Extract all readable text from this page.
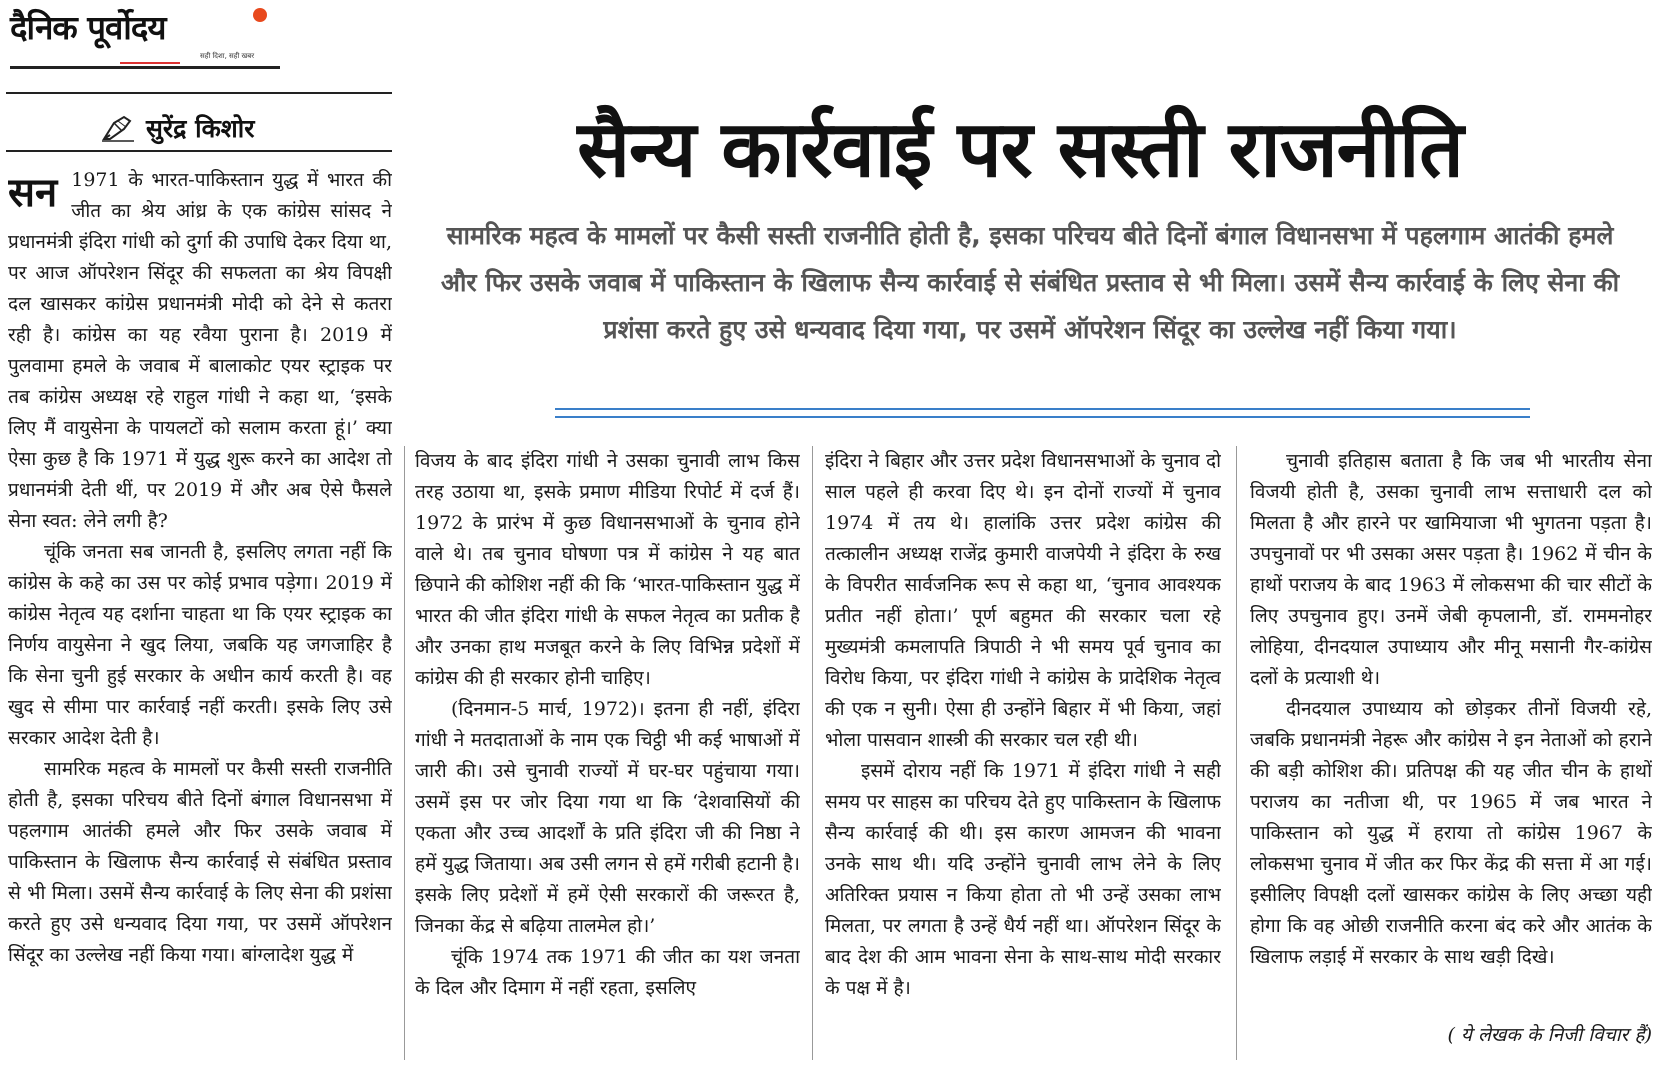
दैनिक पूर्वोदय
सही दिशा, सही खबर
सुरेंद्र किशोर	सैन्य कार्रवाई पर सस्ती राजनीति
सामरिक महत्व के मामलों पर कैसी सस्ती राजनीति होती है, इसका परिचय बीते दिनों बंगाल विधानसभा में पहलगाम आतंकी हमले और फिर उसके जवाब में पाकिस्तान के खिलाफ सैन्य कार्रवाई से संबंधित प्रस्ताव से भी मिला। उसमें सैन्य कार्रवाई के लिए सेना की प्रशंसा करते हुए उसे धन्यवाद दिया गया, पर उसमें ऑपरेशन सिंदूर का उल्लेख नहीं किया गया।
सन 1971 के भारत-पाकिस्तान युद्ध में भारत की जीत का श्रेय आंध्र के एक कांग्रेस सांसद ने प्रधानमंत्री इंदिरा गांधी को दुर्गा की उपाधि देकर दिया था, पर आज ऑपरेशन सिंदूर की सफलता का श्रेय विपक्षी दल खासकर कांग्रेस प्रधानमंत्री मोदी को देने से कतरा रही है। कांग्रेस का यह रवैया पुराना है। 2019 में पुलवामा हमले के जवाब में बालाकोट एयर स्ट्राइक पर तब कांग्रेस अध्यक्ष रहे राहुल गांधी ने कहा था, ‘इसके लिए मैं वायुसेना के पायलटों को सलाम करता हूं।’ क्या ऐसा कुछ है कि 1971 में युद्ध शुरू करने का आदेश तो प्रधानमंत्री देती थीं, पर 2019 में और अब ऐसे फैसले सेना स्वत: लेने लगी है?

चूंकि जनता सब जानती है, इसलिए लगता नहीं कि कांग्रेस के कहे का उस पर कोई प्रभाव पड़ेगा। 2019 में कांग्रेस नेतृत्व यह दर्शाना चाहता था कि एयर स्ट्राइक का निर्णय वायुसेना ने खुद लिया, जबकि यह जगजाहिर है कि सेना चुनी हुई सरकार के अधीन कार्य करती है। वह खुद से सीमा पार कार्रवाई नहीं करती। इसके लिए उसे सरकार आदेश देती है।

सामरिक महत्व के मामलों पर कैसी सस्ती राजनीति होती है, इसका परिचय बीते दिनों बंगाल विधानसभा में पहलगाम आतंकी हमले और फिर उसके जवाब में पाकिस्तान के खिलाफ सैन्य कार्रवाई से संबंधित प्रस्ताव से भी मिला। उसमें सैन्य कार्रवाई के लिए सेना की प्रशंसा करते हुए उसे धन्यवाद दिया गया, पर उसमें ऑपरेशन सिंदूर का उल्लेख नहीं किया गया। बांग्लादेश युद्ध में

विजय के बाद इंदिरा गांधी ने उसका चुनावी लाभ किस तरह उठाया था, इसके प्रमाण मीडिया रिपोर्ट में दर्ज हैं। 1972 के प्रारंभ में कुछ विधानसभाओं के चुनाव होने वाले थे। तब चुनाव घोषणा पत्र में कांग्रेस ने यह बात छिपाने की कोशिश नहीं की कि ‘भारत-पाकिस्तान युद्ध में भारत की जीत इंदिरा गांधी के सफल नेतृत्व का प्रतीक है और उनका हाथ मजबूत करने के लिए विभिन्न प्रदेशों में कांग्रेस की ही सरकार होनी चाहिए।

(दिनमान-5 मार्च, 1972)। इतना ही नहीं, इंदिरा गांधी ने मतदाताओं के नाम एक चिट्ठी भी कई भाषाओं में जारी की। उसे चुनावी राज्यों में घर-घर पहुंचाया गया। उसमें इस पर जोर दिया गया था कि ‘देशवासियों की एकता और उच्च आदर्शों के प्रति इंदिरा जी की निष्ठा ने हमें युद्ध जिताया। अब उसी लगन से हमें गरीबी हटानी है। इसके लिए प्रदेशों में हमें ऐसी सरकारों की जरूरत है, जिनका केंद्र से बढ़िया तालमेल हो।’

चूंकि 1974 तक 1971 की जीत का यश जनता के दिल और दिमाग में नहीं रहता, इसलिए

इंदिरा ने बिहार और उत्तर प्रदेश विधानसभाओं के चुनाव दो साल पहले ही करवा दिए थे। इन दोनों राज्यों में चुनाव 1974 में तय थे। हालांकि उत्तर प्रदेश कांग्रेस की तत्कालीन अध्यक्ष राजेंद्र कुमारी वाजपेयी ने इंदिरा के रुख के विपरीत सार्वजनिक रूप से कहा था, ‘चुनाव आवश्यक प्रतीत नहीं होता।’ पूर्ण बहुमत की सरकार चला रहे मुख्यमंत्री कमलापति त्रिपाठी ने भी समय पूर्व चुनाव का विरोध किया, पर इंदिरा गांधी ने कांग्रेस के प्रादेशिक नेतृत्व की एक न सुनी। ऐसा ही उन्होंने बिहार में भी किया, जहां भोला पासवान शास्त्री की सरकार चल रही थी।

इसमें दोराय नहीं कि 1971 में इंदिरा गांधी ने सही समय पर साहस का परिचय देते हुए पाकिस्तान के खिलाफ सैन्य कार्रवाई की थी। इस कारण आमजन की भावना उनके साथ थी। यदि उन्होंने चुनावी लाभ लेने के लिए अतिरिक्त प्रयास न किया होता तो भी उन्हें उसका लाभ मिलता, पर लगता है उन्हें धैर्य नहीं था। ऑपरेशन सिंदूर के बाद देश की आम भावना सेना के साथ-साथ मोदी सरकार के पक्ष में है।

चुनावी इतिहास बताता है कि जब भी भारतीय सेना विजयी होती है, उसका चुनावी लाभ सत्ताधारी दल को मिलता है और हारने पर खामियाजा भी भुगतना पड़ता है। उपचुनावों पर भी उसका असर पड़ता है। 1962 में चीन के हाथों पराजय के बाद 1963 में लोकसभा की चार सीटों के लिए उपचुनाव हुए। उनमें जेबी कृपलानी, डॉ. राममनोहर लोहिया, दीनदयाल उपाध्याय और मीनू मसानी गैर-कांग्रेस दलों के प्रत्याशी थे।

दीनदयाल उपाध्याय को छोड़कर तीनों विजयी रहे, जबकि प्रधानमंत्री नेहरू और कांग्रेस ने इन नेताओं को हराने की बड़ी कोशिश की। प्रतिपक्ष की यह जीत चीन के हाथों पराजय का नतीजा थी, पर 1965 में जब भारत ने पाकिस्तान को युद्ध में हराया तो कांग्रेस 1967 के लोकसभा चुनाव में जीत कर फिर केंद्र की सत्ता में आ गई। इसीलिए विपक्षी दलों खासकर कांग्रेस के लिए अच्छा यही होगा कि वह ओछी राजनीति करना बंद करे और आतंक के खिलाफ लड़ाई में सरकार के साथ खड़ी दिखे।

( ये लेखक के निजी विचार हैं)
